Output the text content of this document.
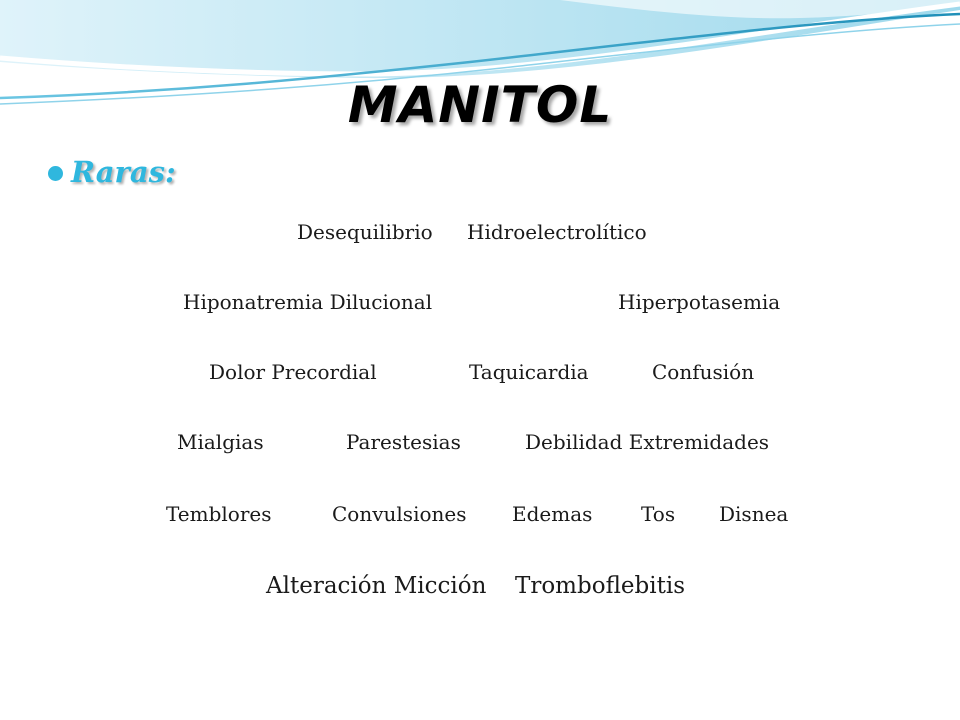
MANITOL
Raras:
Desequilibrio Hidroelectrolítico
Hiponatremia Dilucional	Hiperpotasemia
Dolor Precordial	Taquicardia	Confusión
Mialgias	Parestesias	Debilidad Extremidades
Temblores	Convulsiones Edemas Tos Disnea
Alteración Micción Tromboflebitis
